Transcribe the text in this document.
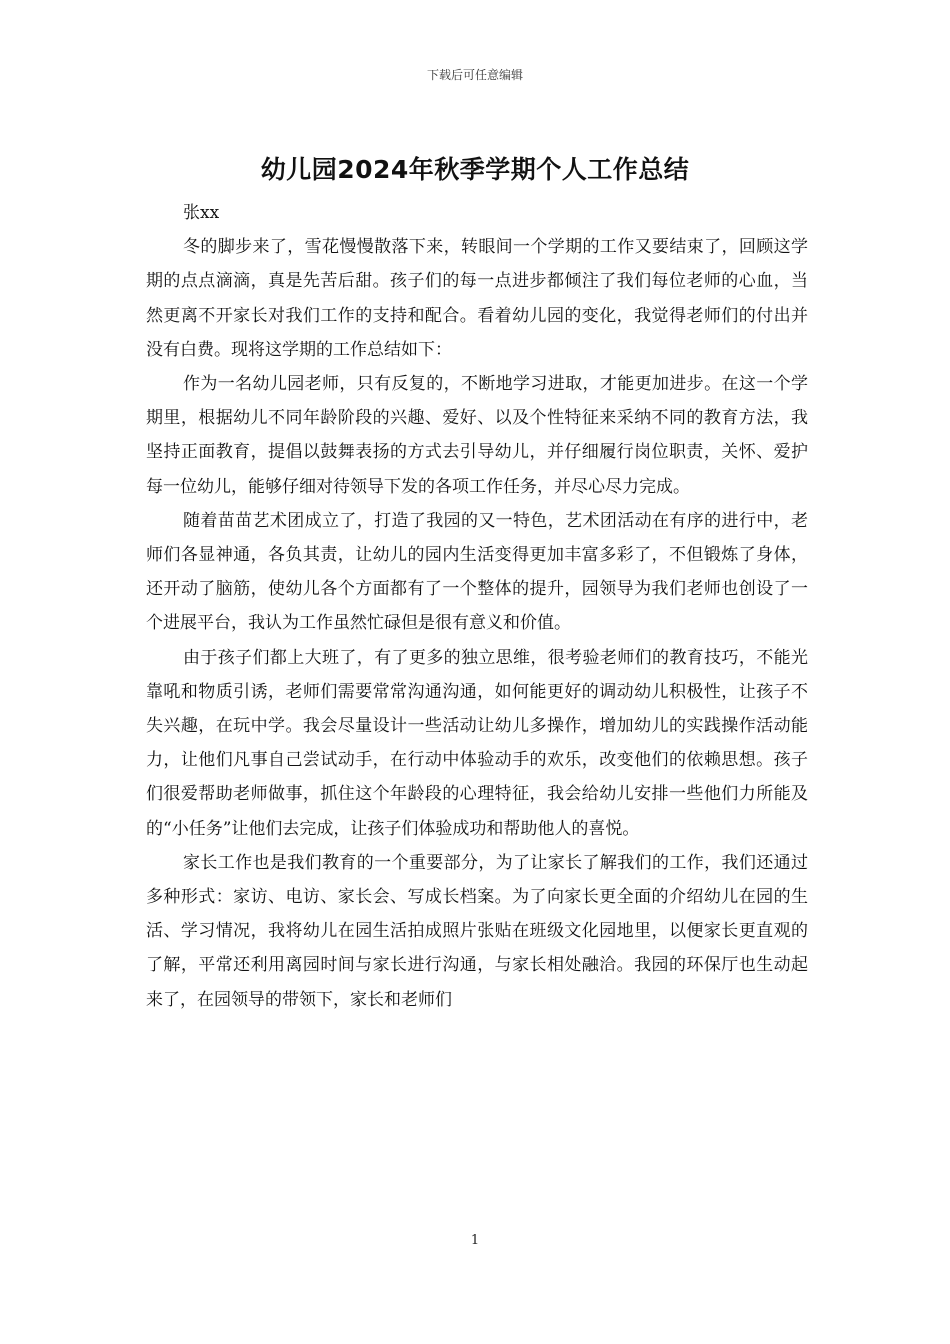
下载后可任意编辑
幼儿园2024年秋季学期个人工作总结

张xx

冬的脚步来了，雪花慢慢散落下来，转眼间一个学期的工作又要结束了，回顾这学期的点点滴滴，真是先苦后甜。孩子们的每一点进步都倾注了我们每位老师的心血，当然更离不开家长对我们工作的支持和配合。看着幼儿园的变化，我觉得老师们的付出并没有白费。现将这学期的工作总结如下：

作为一名幼儿园老师，只有反复的，不断地学习进取，才能更加进步。在这一个学期里，根据幼儿不同年龄阶段的兴趣、爱好、以及个性特征来采纳不同的教育方法，我坚持正面教育，提倡以鼓舞表扬的方式去引导幼儿，并仔细履行岗位职责，关怀、爱护每一位幼儿，能够仔细对待领导下发的各项工作任务，并尽心尽力完成。

随着苗苗艺术团成立了，打造了我园的又一特色，艺术团活动在有序的进行中，老师们各显神通，各负其责，让幼儿的园内生活变得更加丰富多彩了，不但锻炼了身体，还开动了脑筋，使幼儿各个方面都有了一个整体的提升，园领导为我们老师也创设了一个进展平台，我认为工作虽然忙碌但是很有意义和价值。

由于孩子们都上大班了，有了更多的独立思维，很考验老师们的教育技巧，不能光靠吼和物质引诱，老师们需要常常沟通沟通，如何能更好的调动幼儿积极性，让孩子不失兴趣，在玩中学。我会尽量设计一些活动让幼儿多操作，增加幼儿的实践操作活动能力，让他们凡事自己尝试动手，在行动中体验动手的欢乐，改变他们的依赖思想。孩子们很爱帮助老师做事，抓住这个年龄段的心理特征，我会给幼儿安排一些他们力所能及的“小任务”让他们去完成，让孩子们体验成功和帮助他人的喜悦。

家长工作也是我们教育的一个重要部分，为了让家长了解我们的工作，我们还通过多种形式：家访、电访、家长会、写成长档案。为了向家长更全面的介绍幼儿在园的生活、学习情况，我将幼儿在园生活拍成照片张贴在班级文化园地里，以便家长更直观的了解，平常还利用离园时间与家长进行沟通，与家长相处融洽。我园的环保厅也生动起来了，在园领导的带领下，家长和老师们

1
